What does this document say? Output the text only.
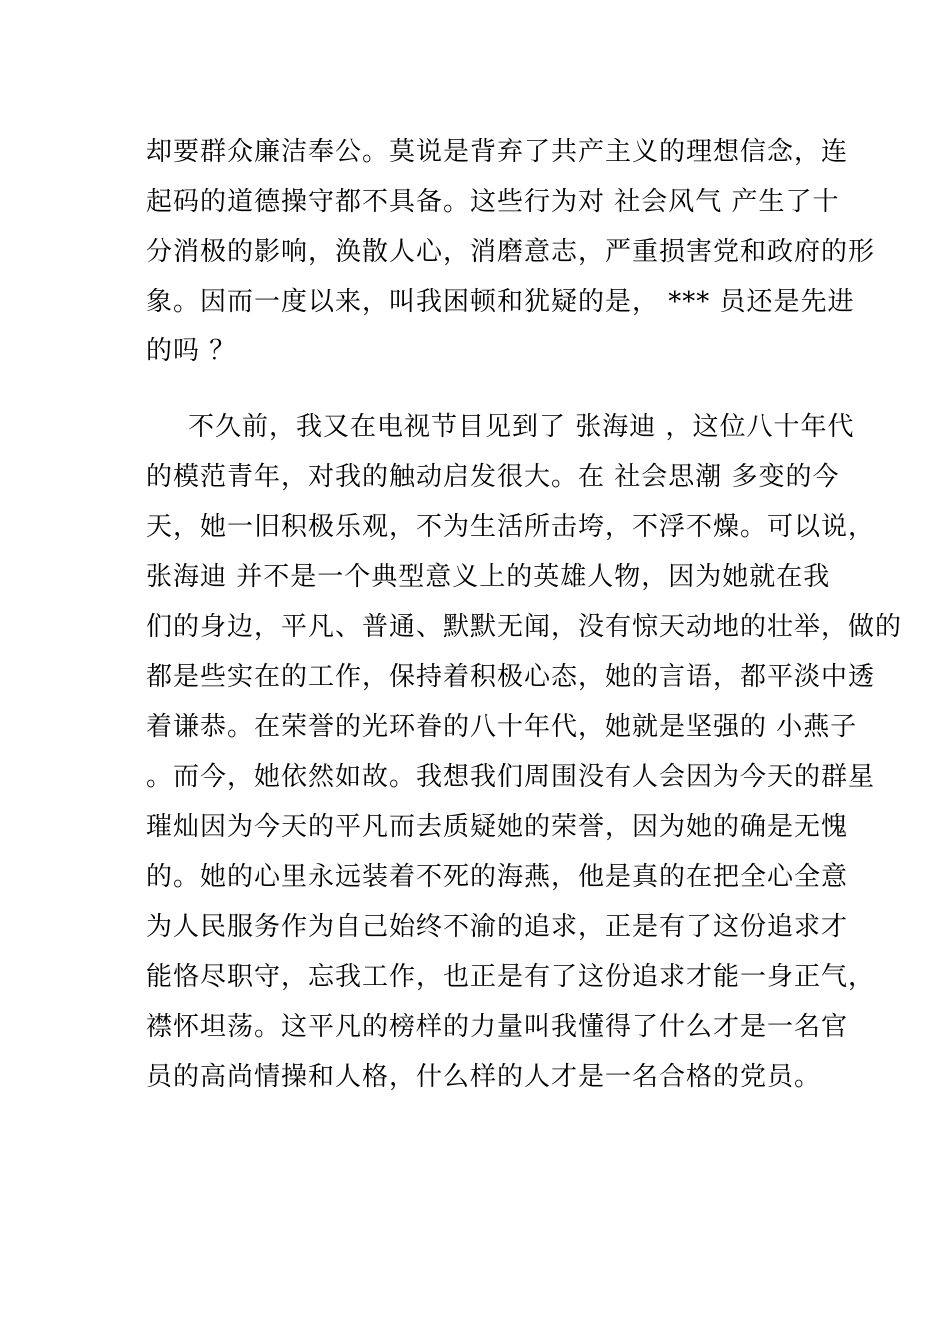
却要群众廉洁奉公。莫说是背弃了共产主义的理想信念，连
起码的道德操守都不具备。这些行为对 社会风气 产生了十
分消极的影响，涣散人心，消磨意志，严重损害党和政府的形
象。因而一度以来，叫我困顿和犹疑的是， *** 员还是先进
的吗 ？
不久前，我又在电视节目见到了 张海迪 ，这位八十年代
的模范青年，对我的触动启发很大。在 社会思潮 多变的今
天，她一旧积极乐观，不为生活所击垮，不浮不燥。可以说，
张海迪 并不是一个典型意义上的英雄人物，因为她就在我
们的身边，平凡、普通、默默无闻，没有惊天动地的壮举，做的
都是些实在的工作，保持着积极心态，她的言语，都平淡中透
着谦恭。在荣誉的光环眷的八十年代，她就是坚强的 小燕子
。而今，她依然如故。我想我们周围没有人会因为今天的群星
璀灿因为今天的平凡而去质疑她的荣誉，因为她的确是无愧
的。她的心里永远装着不死的海燕，他是真的在把全心全意
为人民服务作为自己始终不渝的追求，正是有了这份追求才
能恪尽职守，忘我工作，也正是有了这份追求才能一身正气，
襟怀坦荡。这平凡的榜样的力量叫我懂得了什么才是一名官
员的高尚情操和人格，什么样的人才是一名合格的党员。
